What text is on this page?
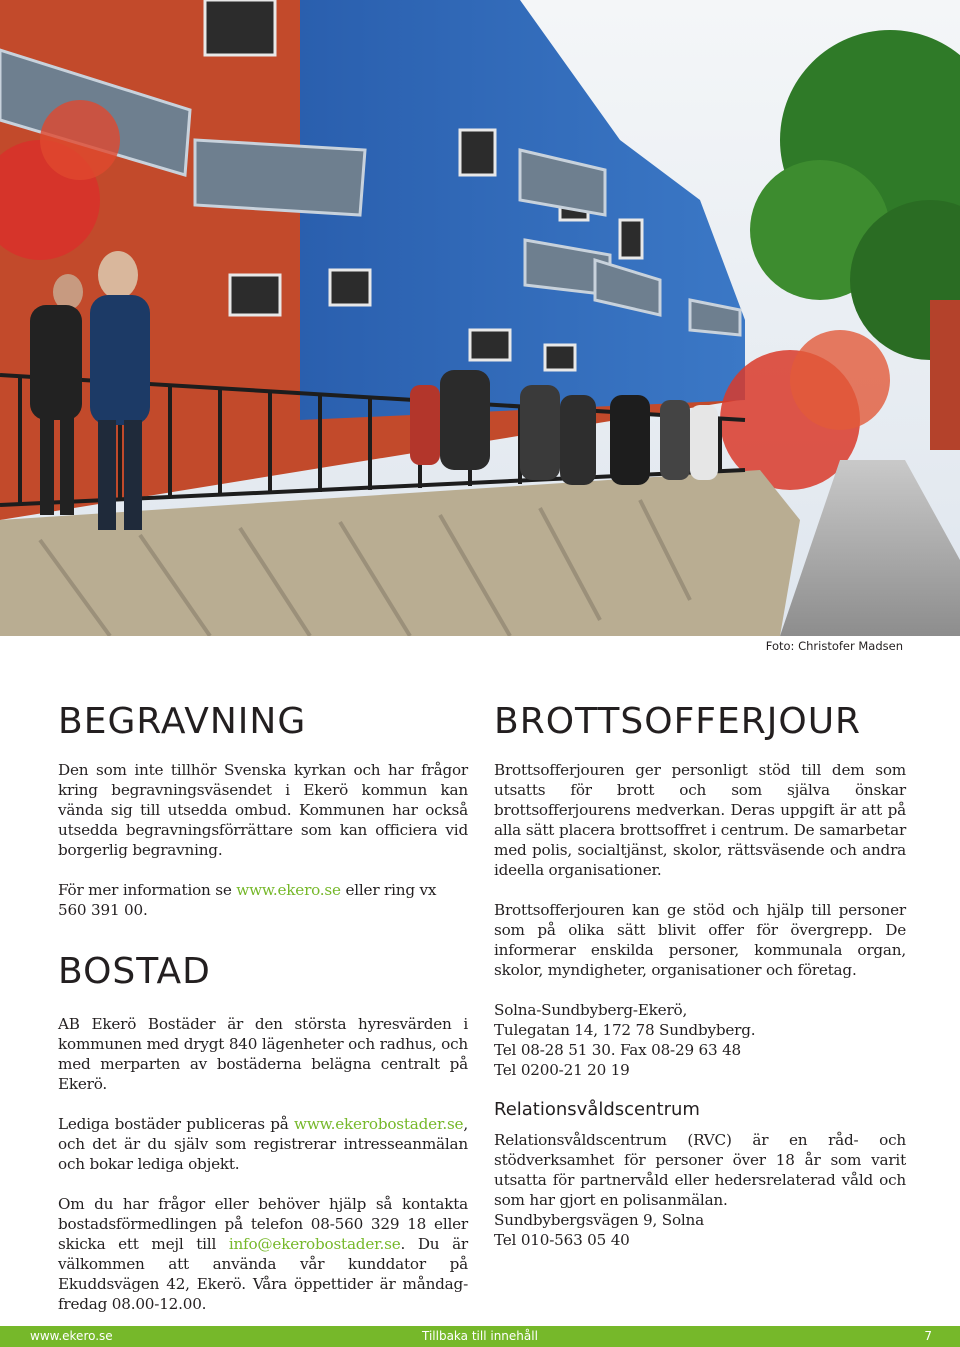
Foto: Christofer Madsen
BEGRAVNING

Den som inte tillhör Svenska kyrkan och har frågor kring begravningsväsendet i Ekerö kommun kan vända sig till utsedda ombud. Kommunen har också utsedda begravningsförrättare som kan officiera vid borgerlig begravning.

För mer information se www.ekero.se eller ring vx 560 391 00.

BOSTAD

AB Ekerö Bostäder är den största hyresvärden i kommunen med drygt 840 lägenheter och radhus, och med merparten av bostäderna belägna centralt på Ekerö.

Lediga bostäder publiceras på www.ekerobostader.se, och det är du själv som registrerar intresseanmälan och bokar lediga objekt.

Om du har frågor eller behöver hjälp så kontakta bostadsförmedlingen på telefon 08-560 329 18 eller skicka ett mejl till info@ekerobostader.se. Du är välkommen att använda vår kunddator på Ekuddsvägen 42, Ekerö. Våra öppettider är måndag-fredag 08.00-12.00.

BROTTSOFFERJOUR

Brottsofferjouren ger personligt stöd till dem som utsatts för brott och som själva önskar brottsofferjourens medverkan. Deras uppgift är att på alla sätt placera brottsoffret i centrum. De samarbetar med polis, socialtjänst, skolor, rättsväsende och andra ideella organisationer.

Brottsofferjouren kan ge stöd och hjälp till personer som på olika sätt blivit offer för övergrepp. De informerar enskilda personer, kommunala organ, skolor, myndigheter, organisationer och företag.

Solna-Sundbyberg-Ekerö,

Tulegatan 14, 172 78 Sundbyberg.

Tel 08-28 51 30. Fax 08-29 63 48

Tel 0200-21 20 19

Relationsvåldscentrum

Relationsvåldscentrum (RVC) är en råd- och stödverksamhet för personer över 18 år som varit utsatta för partnervåld eller hedersrelaterad våld och som har gjort en polisanmälan.

Sundbybergsvägen 9, Solna

Tel 010-563 05 40

www.ekero.se	Tillbaka till innehåll	7
